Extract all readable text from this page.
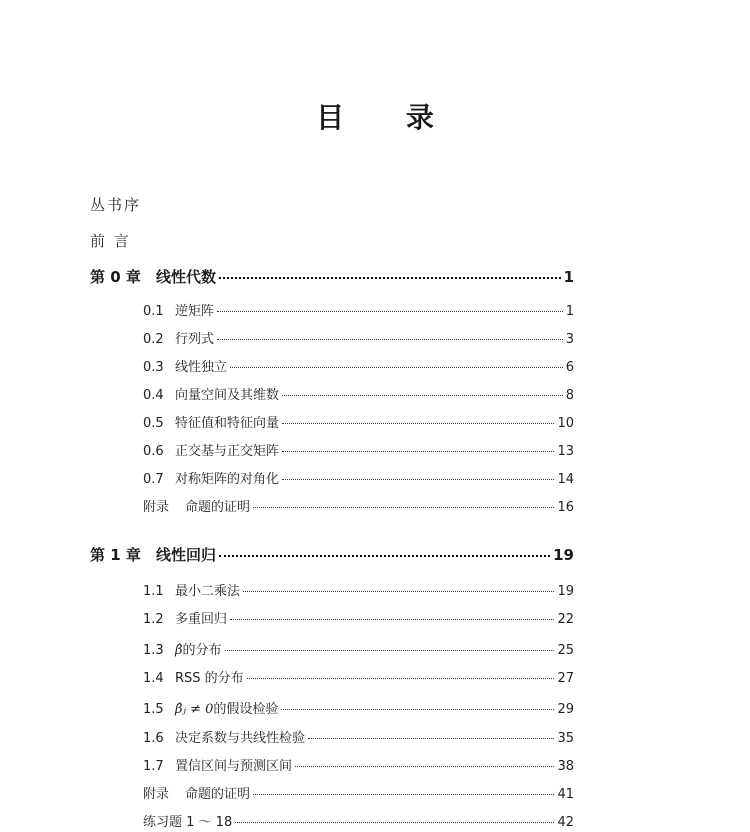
目 录
丛书序
前 言
第 0 章	线性代数	1
0.1 逆矩阵	1
0.2 行列式	3
0.3 线性独立	6
0.4 向量空间及其维数	8
0.5 特征值和特征向量	10
0.6 正交基与正交矩阵	13
0.7 对称矩阵的对角化	14
附录	命题的证明	16
第 1 章	线性回归	19
1.1 最小二乘法	19
1.2 多重回归	22
1.3 β̂ 的分布	25
1.4 RSS 的分布	27
1.5 β̂ⱼ ≠ 0 的假设检验	29
1.6 决定系数与共线性检验	35
1.7 置信区间与预测区间	38
附录	命题的证明	41
练习题 1 ～ 18	42
